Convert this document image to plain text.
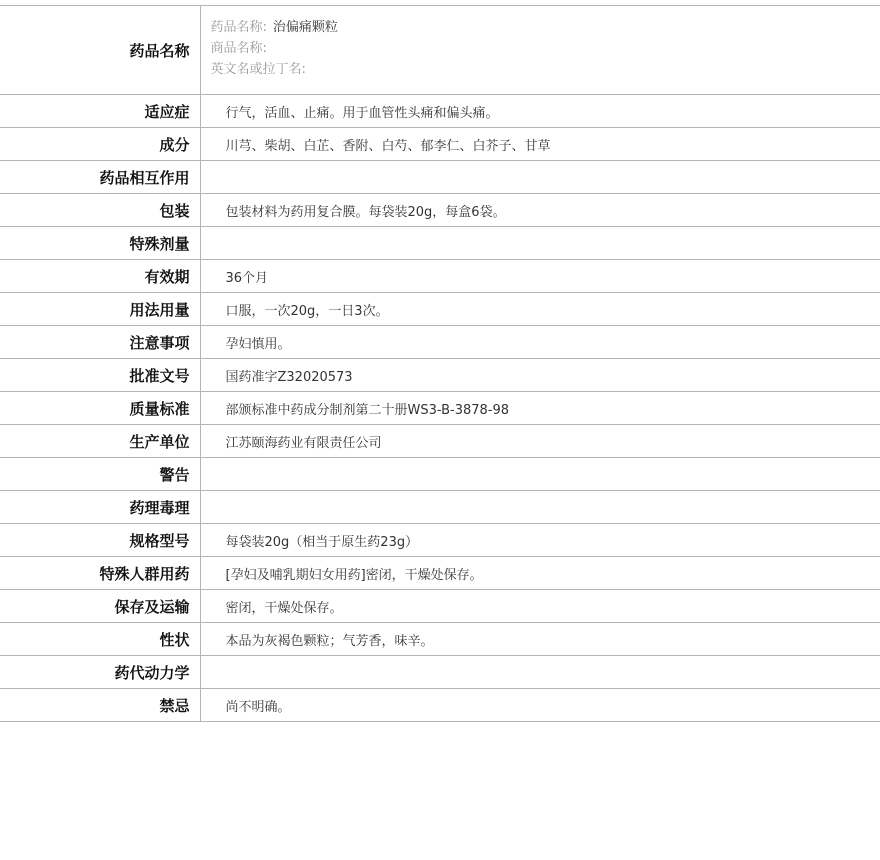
药品名称	药品名称: 治偏痛颗粒
商品名称:
英文名或拉丁名:

适应症	行气，活血、止痛。用于血管性头痛和偏头痛。
成分	川芎、柴胡、白芷、香附、白芍、郁李仁、白芥子、甘草
药品相互作用	
包装	包装材料为药用复合膜。每袋装20g，每盒6袋。
特殊剂量	
有效期	36个月
用法用量	口服，一次20g，一日3次。
注意事项	孕妇慎用。
批准文号	国药准字Z32020573
质量标准	部颁标准中药成分制剂第二十册WS3-B-3878-98
生产单位	江苏颐海药业有限责任公司
警告	
药理毒理	
规格型号	每袋装20g（相当于原生药23g）
特殊人群用药	[孕妇及哺乳期妇女用药]密闭，干燥处保存。
保存及运输	密闭，干燥处保存。
性状	本品为灰褐色颗粒；气芳香，味辛。
药代动力学	
禁忌	尚不明确。
